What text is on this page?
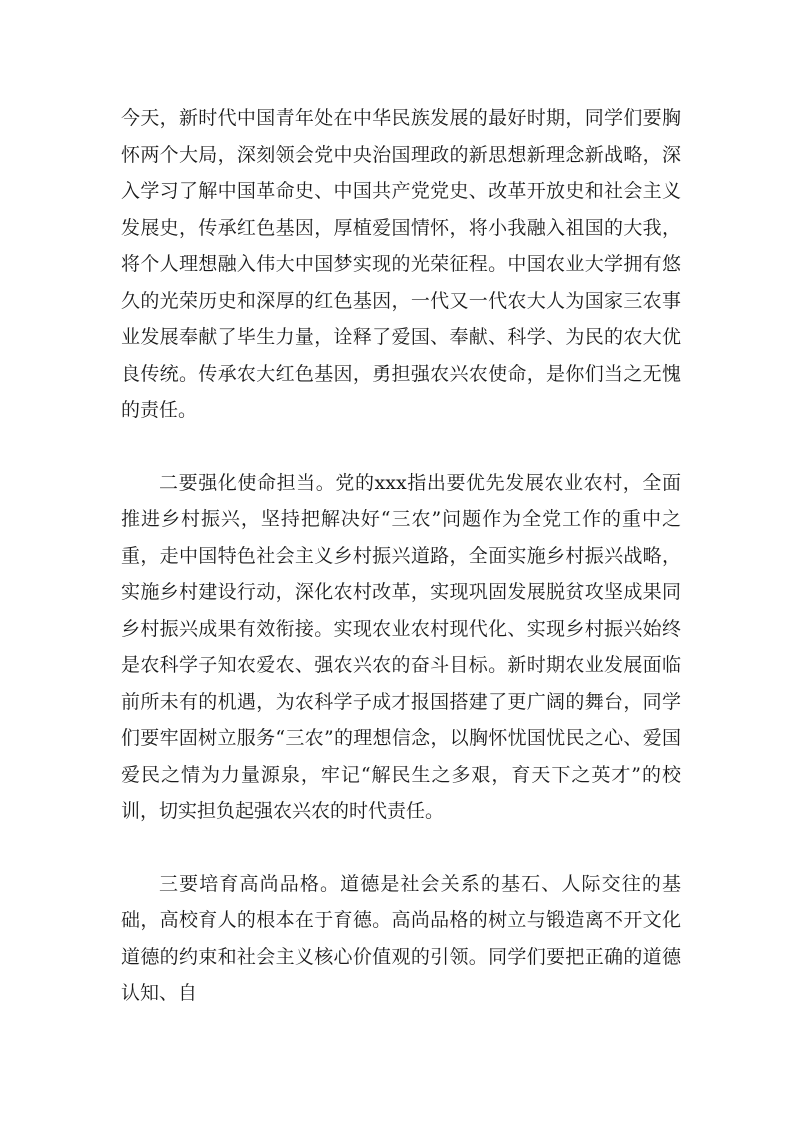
今天，新时代中国青年处在中华民族发展的最好时期，同学们要胸怀两个大局，深刻领会党中央治国理政的新思想新理念新战略，深入学习了解中国革命史、中国共产党党史、改革开放史和社会主义发展史，传承红色基因，厚植爱国情怀，将小我融入祖国的大我，将个人理想融入伟大中国梦实现的光荣征程。中国农业大学拥有悠久的光荣历史和深厚的红色基因，一代又一代农大人为国家三农事业发展奉献了毕生力量，诠释了爱国、奉献、科学、为民的农大优良传统。传承农大红色基因，勇担强农兴农使命，是你们当之无愧的责任。

二要强化使命担当。党的xxx指出要优先发展农业农村，全面推进乡村振兴，坚持把解决好“三农”问题作为全党工作的重中之重，走中国特色社会主义乡村振兴道路，全面实施乡村振兴战略，实施乡村建设行动，深化农村改革，实现巩固发展脱贫攻坚成果同乡村振兴成果有效衔接。实现农业农村现代化、实现乡村振兴始终是农科学子知农爱农、强农兴农的奋斗目标。新时期农业发展面临前所未有的机遇，为农科学子成才报国搭建了更广阔的舞台，同学们要牢固树立服务“三农”的理想信念，以胸怀忧国忧民之心、爱国爱民之情为力量源泉，牢记“解民生之多艰，育天下之英才”的校训，切实担负起强农兴农的时代责任。

三要培育高尚品格。道德是社会关系的基石、人际交往的基础，高校育人的根本在于育德。高尚品格的树立与锻造离不开文化道德的约束和社会主义核心价值观的引领。同学们要把正确的道德认知、自
